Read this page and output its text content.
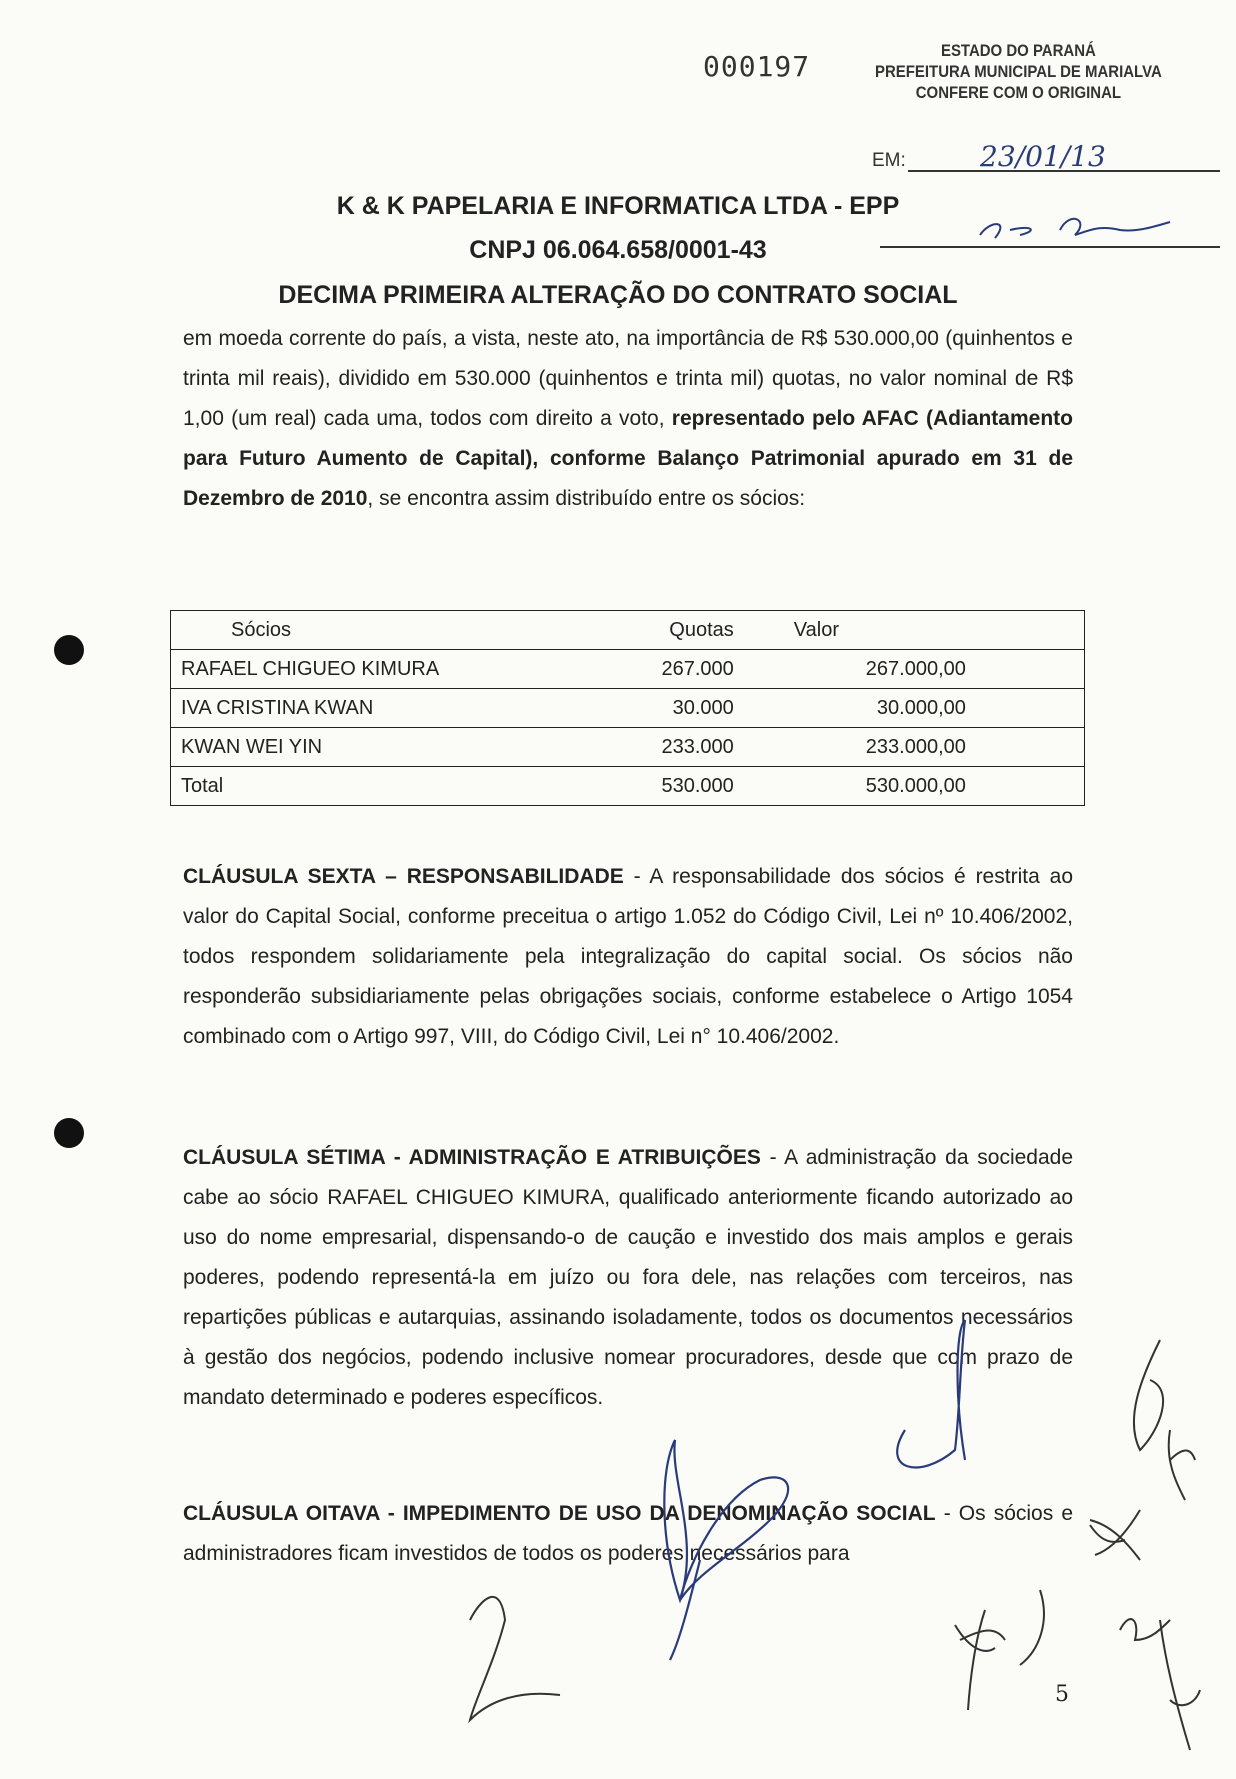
000197	ESTADO DO PARANÁ
PREFEITURA MUNICIPAL DE MARIALVA
CONFERE COM O ORIGINAL
EM:	23/01/13
K & K PAPELARIA E INFORMATICA LTDA - EPP
CNPJ 06.064.658/0001-43
DECIMA PRIMEIRA ALTERAÇÃO DO CONTRATO SOCIAL
em moeda corrente do país, a vista, neste ato, na importância de R$ 530.000,00 (quinhentos e trinta mil reais), dividido em 530.000 (quinhentos e trinta mil) quotas, no valor nominal de R$ 1,00 (um real) cada uma, todos com direito a voto, representado pelo AFAC (Adiantamento para Futuro Aumento de Capital), conforme Balanço Patrimonial apurado em 31 de Dezembro de 2010, se encontra assim distribuído entre os sócios:
Sócios	Quotas	Valor	
RAFAEL CHIGUEO KIMURA	267.000	267.000,00	
IVA CRISTINA KWAN	30.000	30.000,00	
KWAN WEI YIN	233.000	233.000,00	
Total	530.000	530.000,00	
CLÁUSULA SEXTA – RESPONSABILIDADE - A responsabilidade dos sócios é restrita ao valor do Capital Social, conforme preceitua o artigo 1.052 do Código Civil, Lei nº 10.406/2002, todos respondem solidariamente pela integralização do capital social. Os sócios não responderão subsidiariamente pelas obrigações sociais, conforme estabelece o Artigo 1054 combinado com o Artigo 997, VIII, do Código Civil, Lei n° 10.406/2002.
CLÁUSULA SÉTIMA - ADMINISTRAÇÃO E ATRIBUIÇÕES - A administração da sociedade cabe ao sócio RAFAEL CHIGUEO KIMURA, qualificado anteriormente ficando autorizado ao uso do nome empresarial, dispensando-o de caução e investido dos mais amplos e gerais poderes, podendo representá-la em juízo ou fora dele, nas relações com terceiros, nas repartições públicas e autarquias, assinando isoladamente, todos os documentos necessários à gestão dos negócios, podendo inclusive nomear procuradores, desde que com prazo de mandato determinado e poderes específicos.
CLÁUSULA OITAVA - IMPEDIMENTO DE USO DA DENOMINAÇÃO SOCIAL - Os sócios e administradores ficam investidos de todos os poderes necessários para
5
